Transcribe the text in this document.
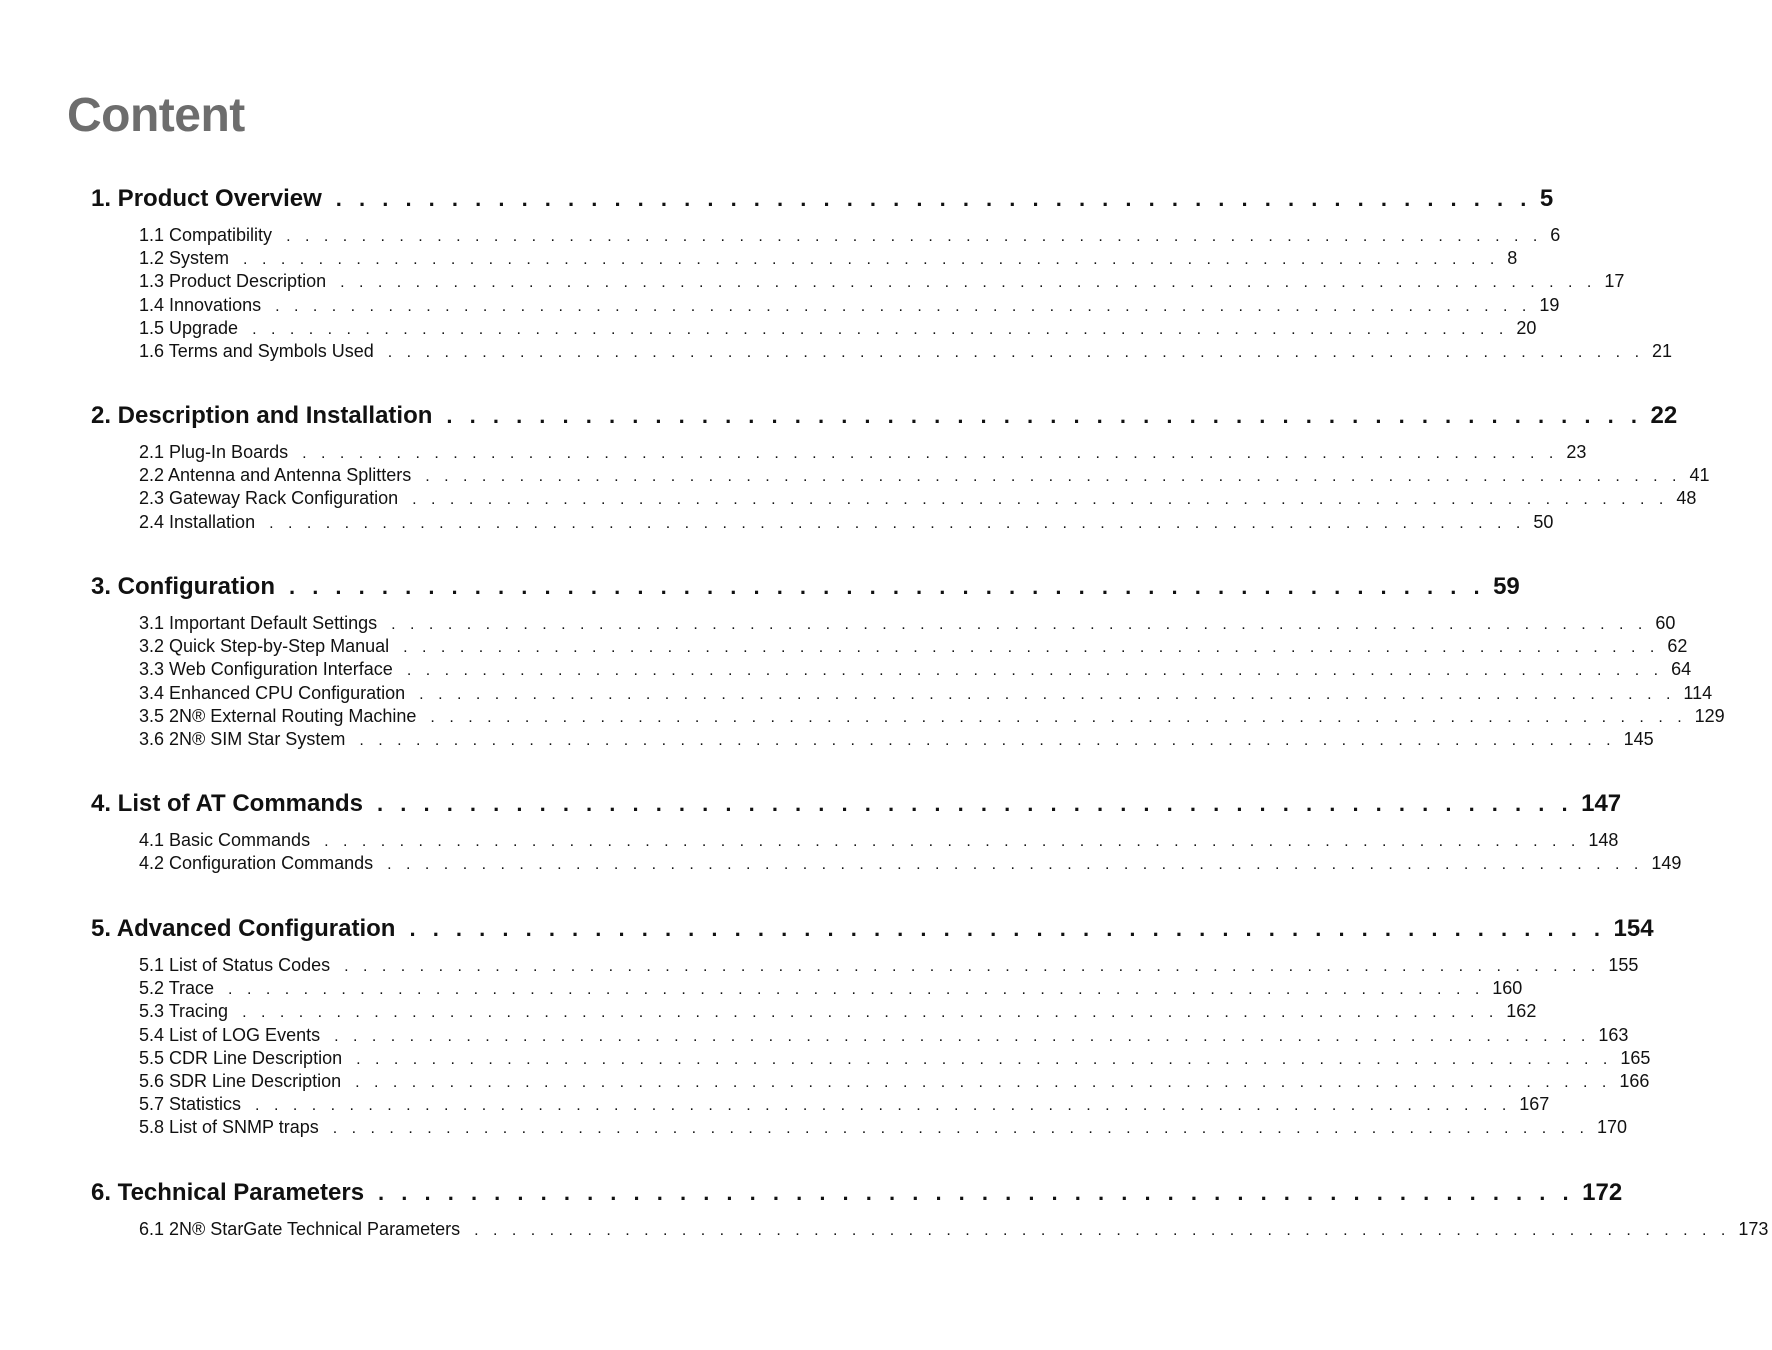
Content
1. Product Overview . . . . . . . . . . . . . . . . . . . . . . . . . . . . . . . . . . . . . . . . . . . . . . . . . . . . 5
1.1 Compatibility . . . . . . . . . . . . . . . . . . . . . . . . . . . . . . . . . . . . . . . . . . . . . . . . . . . . . . . . . . . . . . . . . . . 6
1.2 System . . . . . . . . . . . . . . . . . . . . . . . . . . . . . . . . . . . . . . . . . . . . . . . . . . . . . . . . . . . . . . . . . . . 8
1.3 Product Description . . . . . . . . . . . . . . . . . . . . . . . . . . . . . . . . . . . . . . . . . . . . . . . . . . . . . . . . . . . . . . . . . . . 17
1.4 Innovations . . . . . . . . . . . . . . . . . . . . . . . . . . . . . . . . . . . . . . . . . . . . . . . . . . . . . . . . . . . . . . . . . . . 19
1.5 Upgrade . . . . . . . . . . . . . . . . . . . . . . . . . . . . . . . . . . . . . . . . . . . . . . . . . . . . . . . . . . . . . . . . . . . 20
1.6 Terms and Symbols Used . . . . . . . . . . . . . . . . . . . . . . . . . . . . . . . . . . . . . . . . . . . . . . . . . . . . . . . . . . . . . . . . . . . 21
2. Description and Installation . . . . . . . . . . . . . . . . . . . . . . . . . . . . . . . . . . . . . . . . . . . . . . . . . . . . 22
2.1 Plug-In Boards . . . . . . . . . . . . . . . . . . . . . . . . . . . . . . . . . . . . . . . . . . . . . . . . . . . . . . . . . . . . . . . . . . . 23
2.2 Antenna and Antenna Splitters . . . . . . . . . . . . . . . . . . . . . . . . . . . . . . . . . . . . . . . . . . . . . . . . . . . . . . . . . . . . . . . . . . . 41
2.3 Gateway Rack Configuration . . . . . . . . . . . . . . . . . . . . . . . . . . . . . . . . . . . . . . . . . . . . . . . . . . . . . . . . . . . . . . . . . . . 48
2.4 Installation . . . . . . . . . . . . . . . . . . . . . . . . . . . . . . . . . . . . . . . . . . . . . . . . . . . . . . . . . . . . . . . . . . . 50
3. Configuration . . . . . . . . . . . . . . . . . . . . . . . . . . . . . . . . . . . . . . . . . . . . . . . . . . . . 59
3.1 Important Default Settings . . . . . . . . . . . . . . . . . . . . . . . . . . . . . . . . . . . . . . . . . . . . . . . . . . . . . . . . . . . . . . . . . . . 60
3.2 Quick Step-by-Step Manual . . . . . . . . . . . . . . . . . . . . . . . . . . . . . . . . . . . . . . . . . . . . . . . . . . . . . . . . . . . . . . . . . . . 62
3.3 Web Configuration Interface . . . . . . . . . . . . . . . . . . . . . . . . . . . . . . . . . . . . . . . . . . . . . . . . . . . . . . . . . . . . . . . . . . . 64
3.4 Enhanced CPU Configuration . . . . . . . . . . . . . . . . . . . . . . . . . . . . . . . . . . . . . . . . . . . . . . . . . . . . . . . . . . . . . . . . . . . 114
3.5 2N® External Routing Machine . . . . . . . . . . . . . . . . . . . . . . . . . . . . . . . . . . . . . . . . . . . . . . . . . . . . . . . . . . . . . . . . . . . 129
3.6 2N® SIM Star System . . . . . . . . . . . . . . . . . . . . . . . . . . . . . . . . . . . . . . . . . . . . . . . . . . . . . . . . . . . . . . . . . . . 145
4. List of AT Commands . . . . . . . . . . . . . . . . . . . . . . . . . . . . . . . . . . . . . . . . . . . . . . . . . . . . 147
4.1 Basic Commands . . . . . . . . . . . . . . . . . . . . . . . . . . . . . . . . . . . . . . . . . . . . . . . . . . . . . . . . . . . . . . . . . . . 148
4.2 Configuration Commands . . . . . . . . . . . . . . . . . . . . . . . . . . . . . . . . . . . . . . . . . . . . . . . . . . . . . . . . . . . . . . . . . . . 149
5. Advanced Configuration . . . . . . . . . . . . . . . . . . . . . . . . . . . . . . . . . . . . . . . . . . . . . . . . . . . . 154
5.1 List of Status Codes . . . . . . . . . . . . . . . . . . . . . . . . . . . . . . . . . . . . . . . . . . . . . . . . . . . . . . . . . . . . . . . . . . . 155
5.2 Trace . . . . . . . . . . . . . . . . . . . . . . . . . . . . . . . . . . . . . . . . . . . . . . . . . . . . . . . . . . . . . . . . . . . 160
5.3 Tracing . . . . . . . . . . . . . . . . . . . . . . . . . . . . . . . . . . . . . . . . . . . . . . . . . . . . . . . . . . . . . . . . . . . 162
5.4 List of LOG Events . . . . . . . . . . . . . . . . . . . . . . . . . . . . . . . . . . . . . . . . . . . . . . . . . . . . . . . . . . . . . . . . . . . 163
5.5 CDR Line Description . . . . . . . . . . . . . . . . . . . . . . . . . . . . . . . . . . . . . . . . . . . . . . . . . . . . . . . . . . . . . . . . . . . 165
5.6 SDR Line Description . . . . . . . . . . . . . . . . . . . . . . . . . . . . . . . . . . . . . . . . . . . . . . . . . . . . . . . . . . . . . . . . . . . 166
5.7 Statistics . . . . . . . . . . . . . . . . . . . . . . . . . . . . . . . . . . . . . . . . . . . . . . . . . . . . . . . . . . . . . . . . . . . 167
5.8 List of SNMP traps . . . . . . . . . . . . . . . . . . . . . . . . . . . . . . . . . . . . . . . . . . . . . . . . . . . . . . . . . . . . . . . . . . . 170
6. Technical Parameters . . . . . . . . . . . . . . . . . . . . . . . . . . . . . . . . . . . . . . . . . . . . . . . . . . . . 172
6.1 2N® StarGate Technical Parameters . . . . . . . . . . . . . . . . . . . . . . . . . . . . . . . . . . . . . . . . . . . . . . . . . . . . . . . . . . . . . . . . . . . 173
